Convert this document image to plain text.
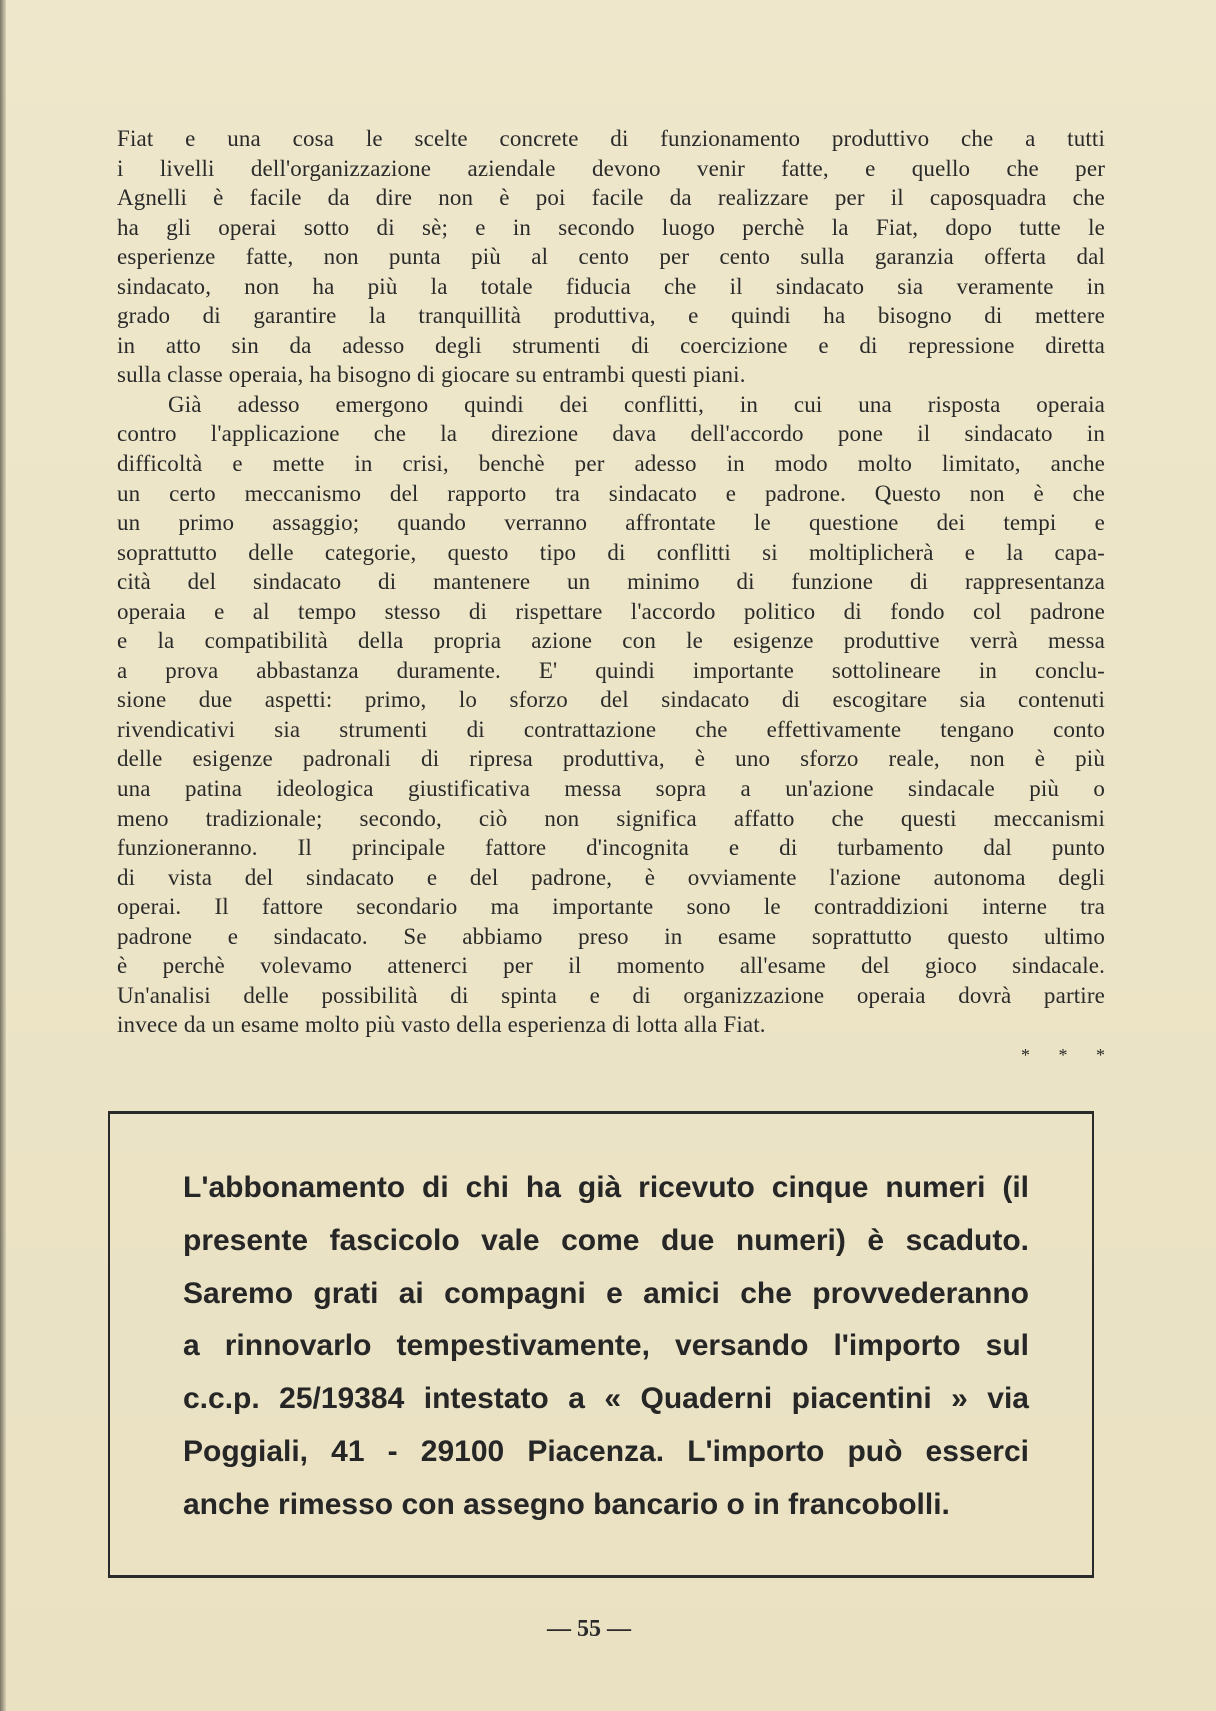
Fiat e una cosa le scelte concrete di funzionamento produttivo che a tutti
i livelli dell'organizzazione aziendale devono venir fatte, e quello che per
Agnelli è facile da dire non è poi facile da realizzare per il caposquadra che
ha gli operai sotto di sè; e in secondo luogo perchè la Fiat, dopo tutte le
esperienze fatte, non punta più al cento per cento sulla garanzia offerta dal
sindacato, non ha più la totale fiducia che il sindacato sia veramente in
grado di garantire la tranquillità produttiva, e quindi ha bisogno di mettere
in atto sin da adesso degli strumenti di coercizione e di repressione diretta
sulla classe operaia, ha bisogno di giocare su entrambi questi piani.
Già adesso emergono quindi dei conflitti, in cui una risposta operaia
contro l'applicazione che la direzione dava dell'accordo pone il sindacato in
difficoltà e mette in crisi, benchè per adesso in modo molto limitato, anche
un certo meccanismo del rapporto tra sindacato e padrone. Questo non è che
un primo assaggio; quando verranno affrontate le questione dei tempi e
soprattutto delle categorie, questo tipo di conflitti si moltiplicherà e la capa-
cità del sindacato di mantenere un minimo di funzione di rappresentanza
operaia e al tempo stesso di rispettare l'accordo politico di fondo col padrone
e la compatibilità della propria azione con le esigenze produttive verrà messa
a prova abbastanza duramente. E' quindi importante sottolineare in conclu-
sione due aspetti: primo, lo sforzo del sindacato di escogitare sia contenuti
rivendicativi sia strumenti di contrattazione che effettivamente tengano conto
delle esigenze padronali di ripresa produttiva, è uno sforzo reale, non è più
una patina ideologica giustificativa messa sopra a un'azione sindacale più o
meno tradizionale; secondo, ciò non significa affatto che questi meccanismi
funzioneranno. Il principale fattore d'incognita e di turbamento dal punto
di vista del sindacato e del padrone, è ovviamente l'azione autonoma degli
operai. Il fattore secondario ma importante sono le contraddizioni interne tra
padrone e sindacato. Se abbiamo preso in esame soprattutto questo ultimo
è perchè volevamo attenerci per il momento all'esame del gioco sindacale.
Un'analisi delle possibilità di spinta e di organizzazione operaia dovrà partire
invece da un esame molto più vasto della esperienza di lotta alla Fiat.
* * *
L'abbonamento di chi ha già ricevuto cinque numeri (il
presente fascicolo vale come due numeri) è scaduto.
Saremo grati ai compagni e amici che provvederanno
a rinnovarlo tempestivamente, versando l'importo sul
c.c.p. 25/19384 intestato a « Quaderni piacentini » via
Poggiali, 41 - 29100 Piacenza. L'importo può esserci
anche rimesso con assegno bancario o in francobolli.
— 55 —
